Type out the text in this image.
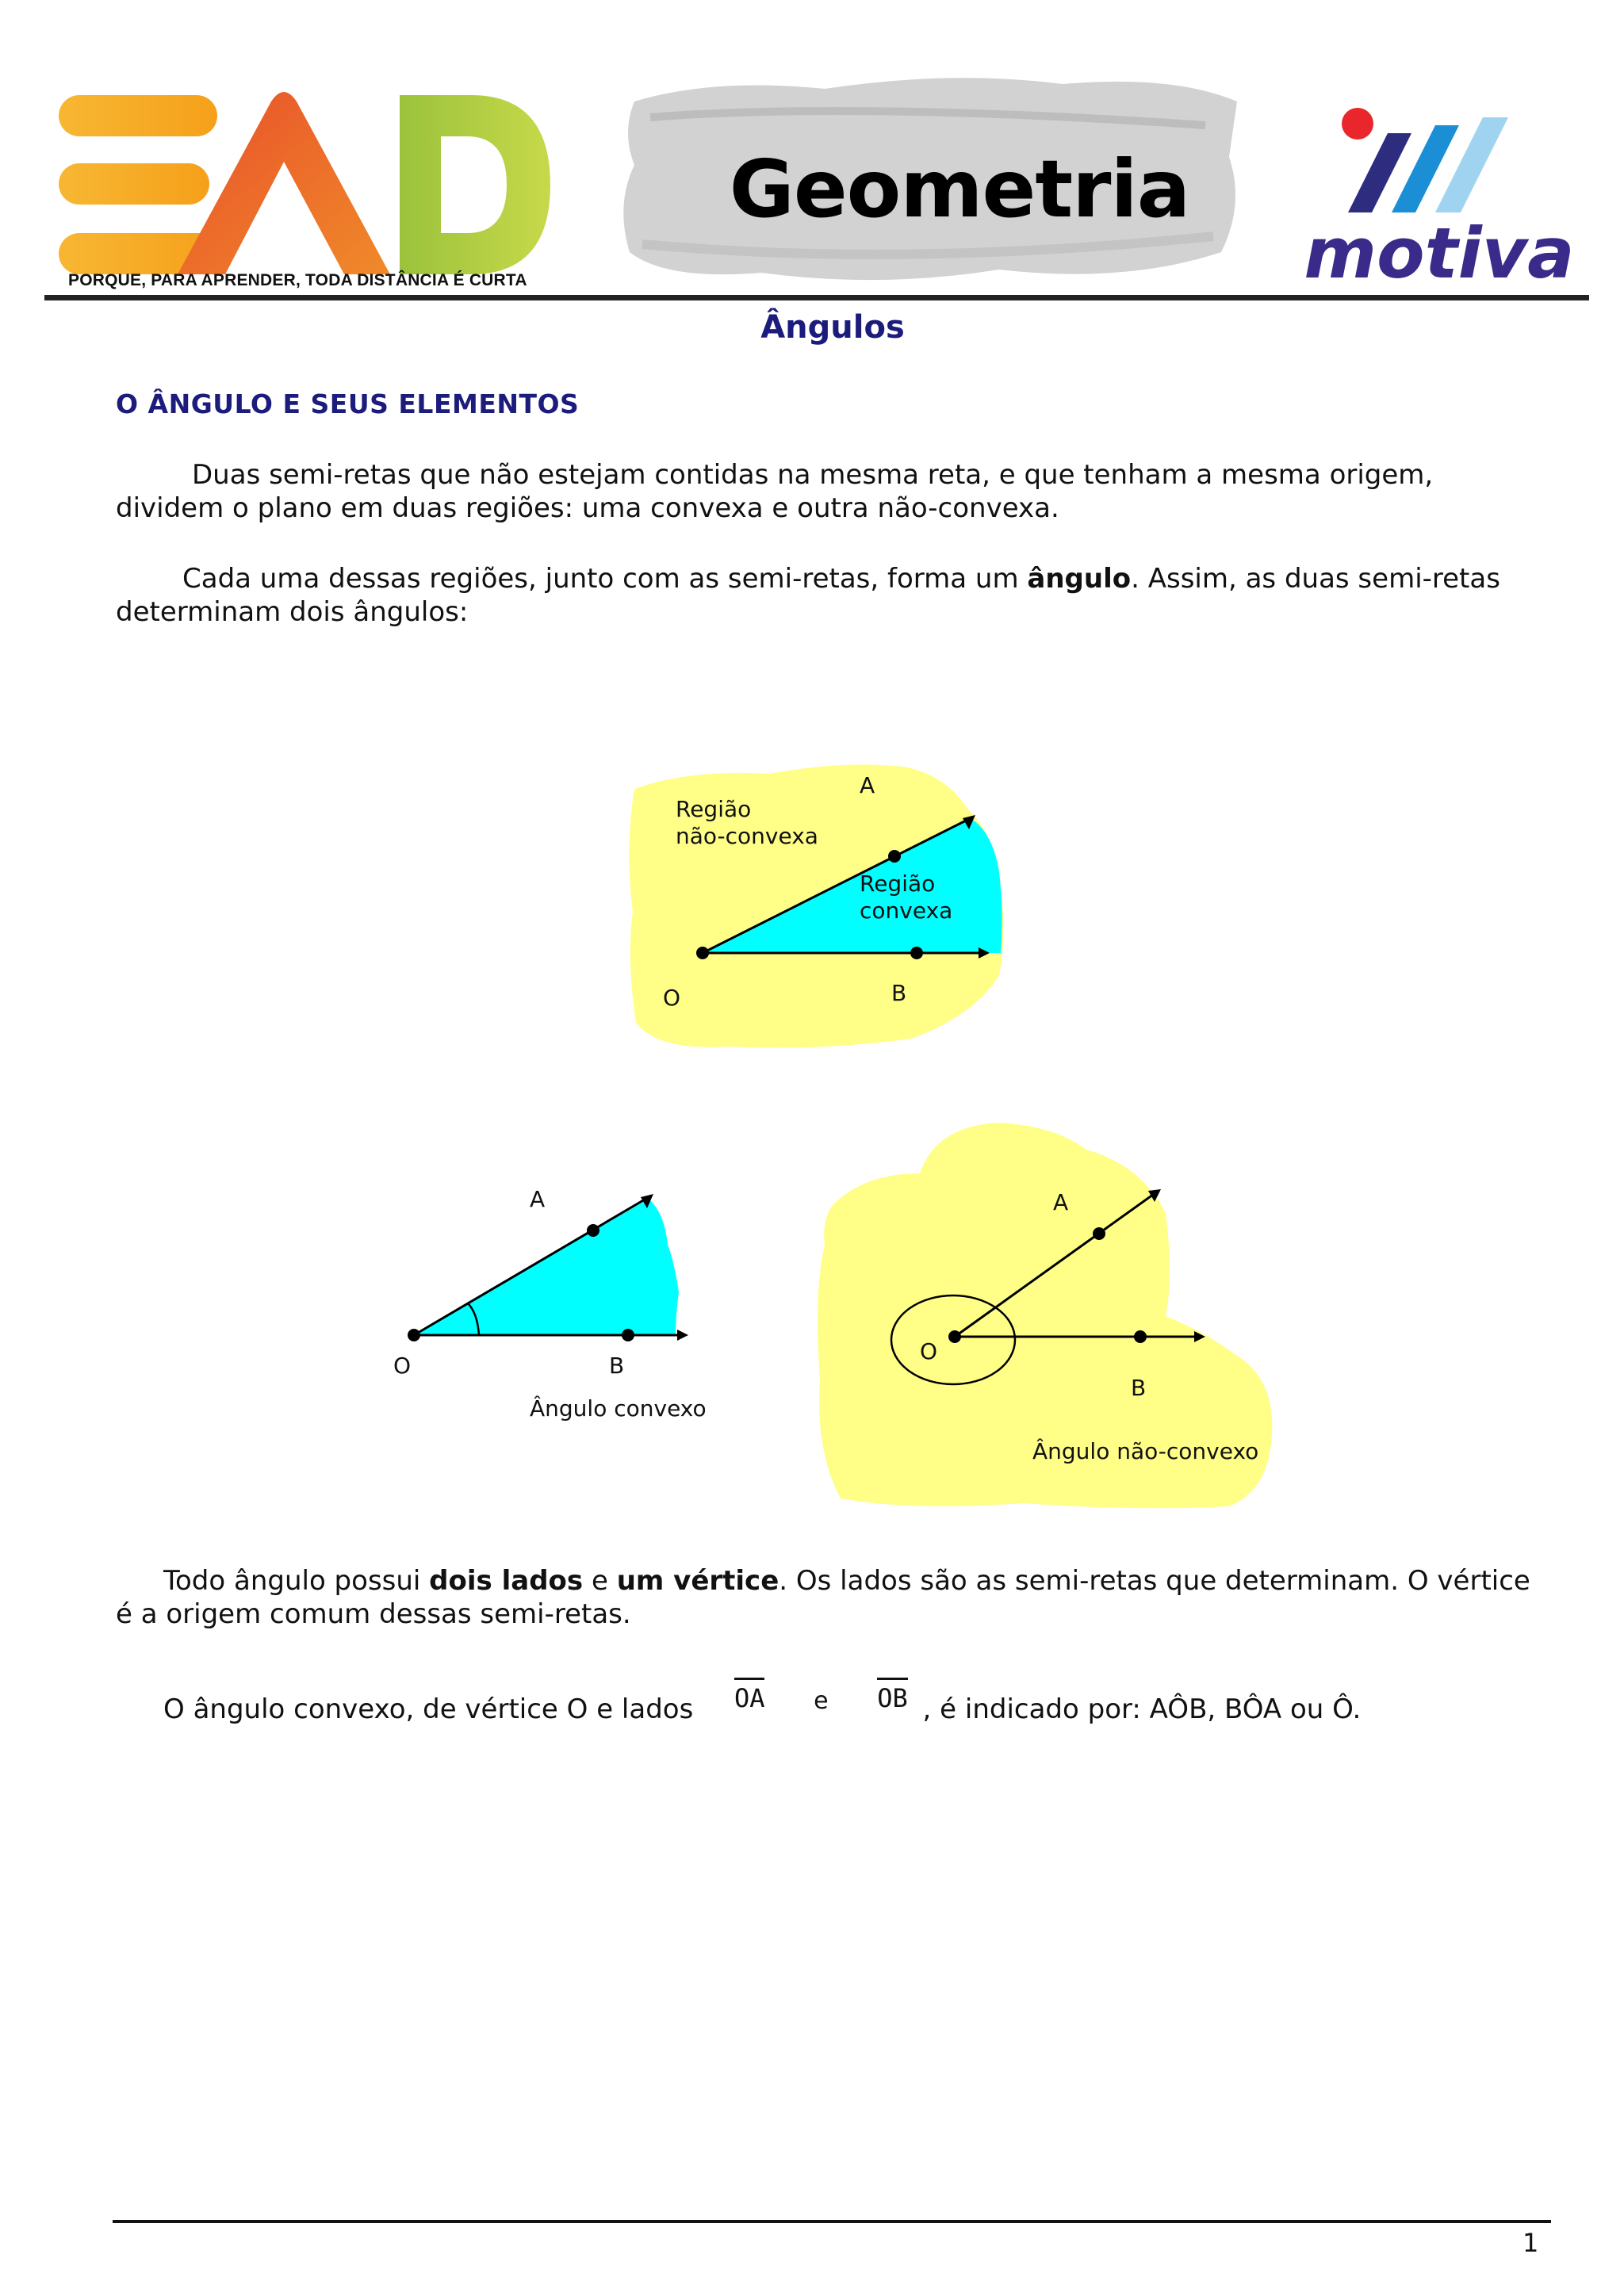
PORQUE, PARA APRENDER, TODA DISTÂNCIA É CURTA
Geometria
motiva
Ângulos
O ÂNGULO E SEUS ELEMENTOS
Duas semi-retas que não estejam contidas na mesma reta, e que tenham a mesma origem, dividem o plano em duas regiões: uma convexa e outra não-convexa.
Cada uma dessas regiões, junto com as semi-retas, forma um ângulo. Assim, as duas semi-retas determinam dois ângulos:
Região
não-convexa
Região
convexa
A
O	B
A
O	B
Ângulo convexo
A
O
B
Ângulo não-convexo
Todo ângulo possui dois lados e um vértice. Os lados são as semi-retas que determinam. O vértice é a origem comum dessas semi-retas.
O ângulo convexo, de vértice O e lados OA e OB , é indicado por: AÔB, BÔA ou Ô.
1
